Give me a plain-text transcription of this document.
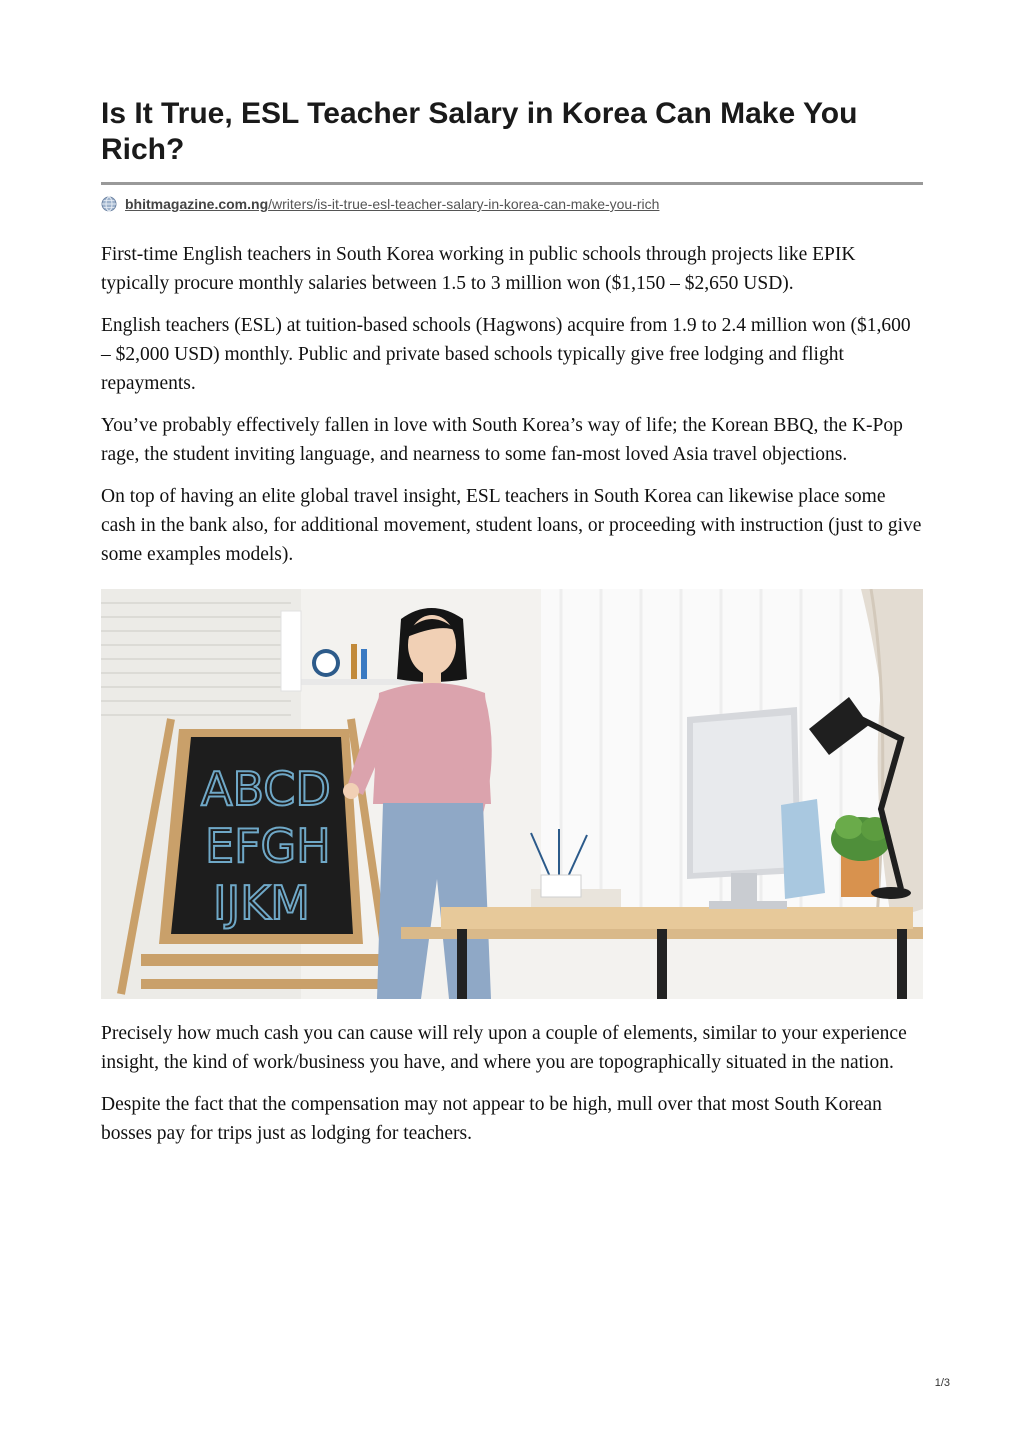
Is It True, ESL Teacher Salary in Korea Can Make You Rich?
bhitmagazine.com.ng/writers/is-it-true-esl-teacher-salary-in-korea-can-make-you-rich

First-time English teachers in South Korea working in public schools through projects like EPIK typically procure monthly salaries between 1.5 to 3 million won ($1,150 – $2,650 USD).

English teachers (ESL) at tuition-based schools (Hagwons) acquire from 1.9 to 2.4 million won ($1,600 – $2,000 USD) monthly. Public and private based schools typically give free lodging and flight repayments.

You’ve probably effectively fallen in love with South Korea’s way of life; the Korean BBQ, the K-Pop rage, the student inviting language, and nearness to some fan-most loved Asia travel objections.

On top of having an elite global travel insight, ESL teachers in South Korea can likewise place some cash in the bank also, for additional movement, student loans, or proceeding with instruction (just to give some examples models).

ABCD
EFGH
IJKM

Precisely how much cash you can cause will rely upon a couple of elements, similar to your experience insight, the kind of work/business you have, and where you are topographically situated in the nation.

Despite the fact that the compensation may not appear to be high, mull over that most South Korean bosses pay for trips just as lodging for teachers.

1/3
